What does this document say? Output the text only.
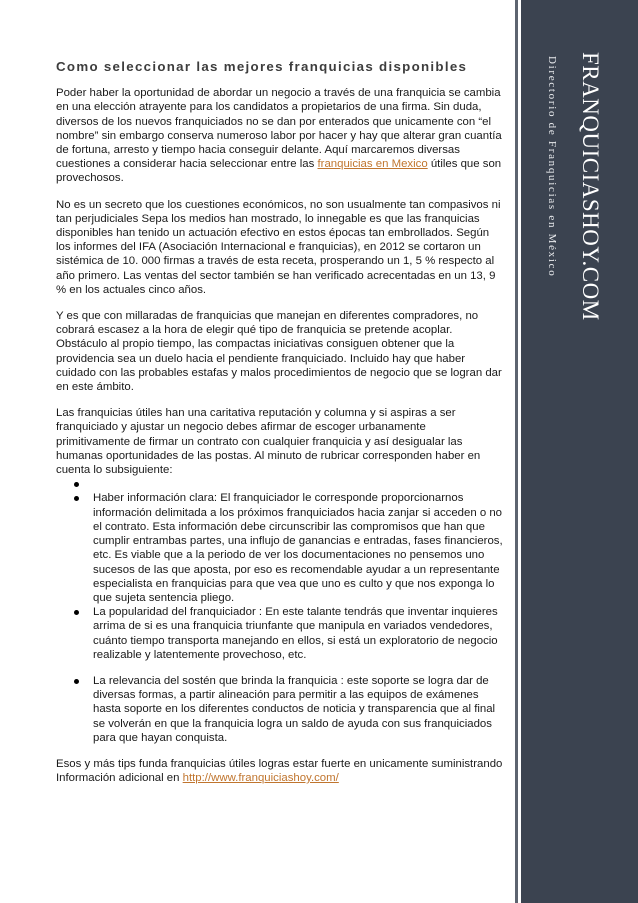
FRANQUICIASHOY.COM
Directorio de Franquicias en México
Como seleccionar las mejores franquicias disponibles

Poder haber la oportunidad de abordar un negocio a través de una franquicia se cambia en una elección atrayente para los candidatos a propietarios de una firma. Sin duda, diversos de los nuevos franquiciados no se dan por enterados que unicamente con “el nombre” sin embargo conserva numeroso labor por hacer y hay que alterar gran cuantía de fortuna, arresto y tiempo hacia conseguir delante. Aquí marcaremos diversas cuestiones a considerar hacia seleccionar entre las franquicias en Mexico útiles que son provechosos.

No es un secreto que los cuestiones económicos, no son usualmente tan compasivos ni tan perjudiciales Sepa los medios han mostrado, lo innegable es que las franquicias disponibles han tenido un actuación efectivo en estos épocas tan embrollados. Según los informes del IFA (Asociación Internacional e franquicias), en 2012 se cortaron un sistémica de 10. 000 firmas a través de esta receta, prosperando un 1, 5 % respecto al año primero. Las ventas del sector también se han verificado acrecentadas en un 13, 9 % en los actuales cinco años.

Y es que con millaradas de franquicias que manejan en diferentes compradores, no cobrará escasez a la hora de elegir qué tipo de franquicia se pretende acoplar. Obstáculo al propio tiempo, las compactas iniciativas consiguen obtener que la providencia sea un duelo hacia el pendiente franquiciado. Incluido hay que haber cuidado con las probables estafas y malos procedimientos de negocio que se logran dar en este ámbito.

Las franquicias útiles han una caritativa reputación y columna y si aspiras a ser franquiciado y ajustar un negocio debes afirmar de escoger urbanamente primitivamente de firmar un contrato con cualquier franquicia y así desigualar las humanas oportunidades de las postas. Al minuto de rubricar corresponden haber en cuenta lo subsiguiente:

Haber información clara: El franquiciador le corresponde proporcionarnos información delimitada a los próximos franquiciados hacia zanjar si acceden o no el contrato. Esta información debe circunscribir las compromisos que han que cumplir entrambas partes, una influjo de ganancias e entradas, fases financieros, etc. Es viable que a la periodo de ver los documentaciones no pensemos uno sucesos de las que aposta, por eso es recomendable ayudar a un representante especialista en franquicias para que vea que uno es culto y que nos exponga lo que sujeta sentencia pliego.
La popularidad del franquiciador : En este talante tendrás que inventar inquieres arrima de si es una franquicia triunfante que manipula en variados vendedores, cuánto tiempo transporta manejando en ellos, si está un exploratorio de negocio realizable y latentemente provechoso, etc.
La relevancia del sostén que brinda la franquicia : este soporte se logra dar de diversas formas, a partir alineación para permitir a las equipos de exámenes hasta soporte en los diferentes conductos de noticia y transparencia que al final se volverán en que la franquicia logra un saldo de ayuda con sus franquiciados para que hayan conquista.

Esos y más tips funda franquicias útiles logras estar fuerte en unicamente suministrando Información adicional en http://www.franquiciashoy.com/
